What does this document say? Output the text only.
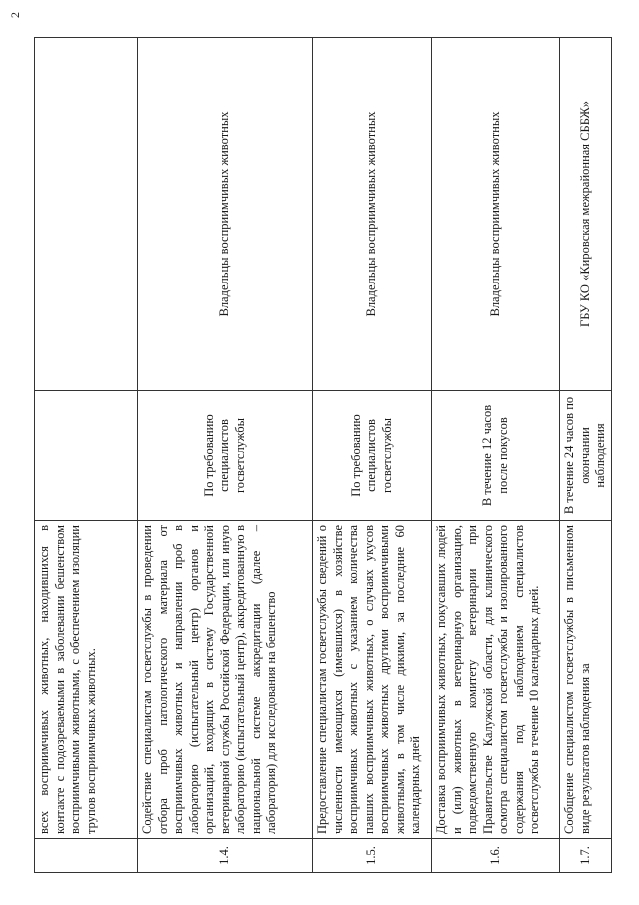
2
	всех восприимчивых животных, находившихся в контакте с подозреваемыми в заболевании бешенством восприимчивыми животными, с обеспечением изоляции трупов восприимчивых животных.		
1.4.	Содействие специалистам госветслужбы в проведении отбора проб патологического материала от восприимчивых животных и направлении проб в лабораторию (испытательный центр) органов и организаций, входящих в систему Государственной ветеринарной службы Российской Федерации, или иную лабораторию (испытательный центр), аккредитованную в национальной системе аккредитации (далее – лаборатория) для исследования на бешенство	По требованию специалистов госветслужбы	Владельцы восприимчивых животных
1.5.	Предоставление специалистам госветслужбы сведений о численности имеющихся (имевшихся) в хозяйстве восприимчивых животных с указанием количества павших восприимчивых животных, о случаях укусов восприимчивых животных другими восприимчивыми животными, в том числе дикими, за последние 60 календарных дней	По требованию специалистов госветслужбы	Владельцы восприимчивых животных
1.6.	Доставка восприимчивых животных, покусавших людей и (или) животных в ветеринарную организацию, подведомственную комитету ветеринарии при Правительстве Калужской области, для клинического осмотра специалистом госветслужбы и изолированного содержания под наблюдением специалистов госветслужбы в течение 10 календарных дней.	В течение 12 часов после покусов	Владельцы восприимчивых животных
1.7.	Сообщение специалистом госветслужбы в письменном виде результатов наблюдения за	В течение 24 часов по окончании наблюдения	ГБУ КО «Кировская межрайонная СББЖ»
